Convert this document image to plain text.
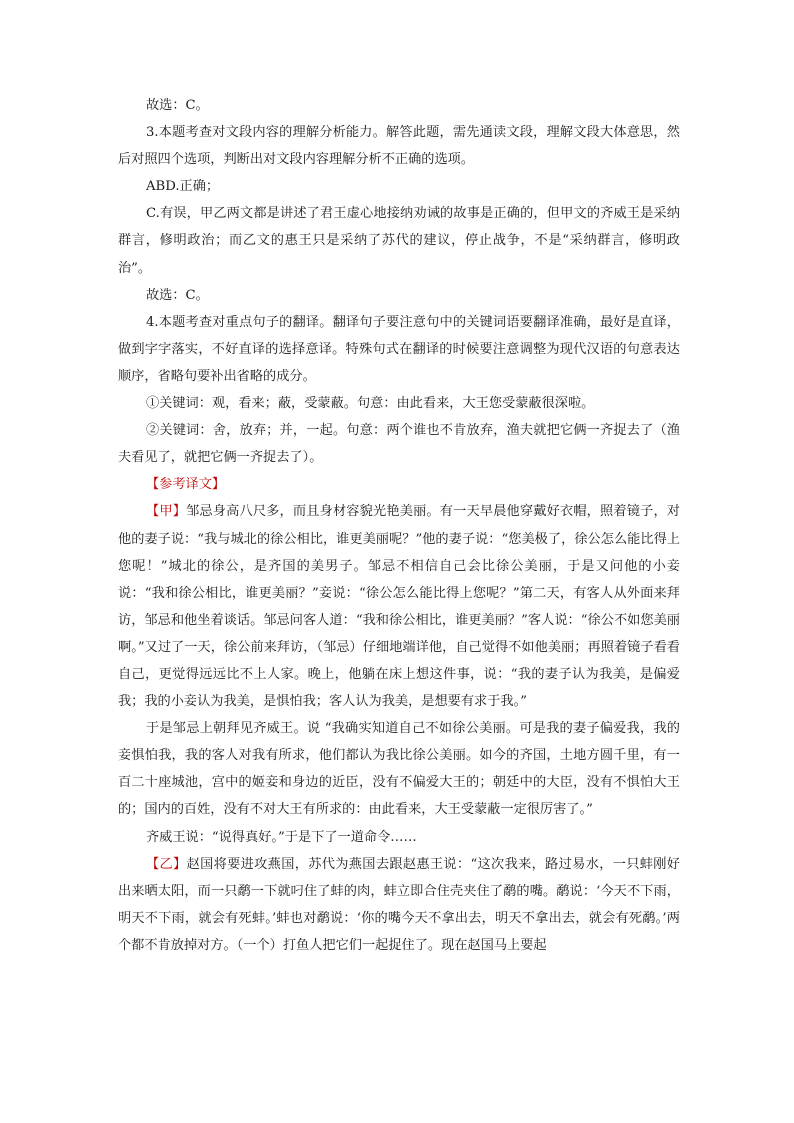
故选：C。

3.本题考查对文段内容的理解分析能力。解答此题，需先通读文段，理解文段大体意思，然后对照四个选项，判断出对文段内容理解分析不正确的选项。

ABD.正确；

C.有误，甲乙两文都是讲述了君王虚心地接纳劝诫的故事是正确的，但甲文的齐威王是采纳群言，修明政治；而乙文的惠王只是采纳了苏代的建议，停止战争，不是“采纳群言，修明政治”。

故选：C。

4.本题考查对重点句子的翻译。翻译句子要注意句中的关键词语要翻译准确，最好是直译，做到字字落实，不好直译的选择意译。特殊句式在翻译的时候要注意调整为现代汉语的句意表达顺序，省略句要补出省略的成分。

①关键词：观，看来；蔽，受蒙蔽。句意：由此看来，大王您受蒙蔽很深啦。

②关键词：舍，放弃；并，一起。句意：两个谁也不肯放弃，渔夫就把它俩一齐捉去了（渔夫看见了，就把它俩一齐捉去了）。

【参考译文】

【甲】邹忌身高八尺多，而且身材容貌光艳美丽。有一天早晨他穿戴好衣帽，照着镜子，对他的妻子说：“我与城北的徐公相比，谁更美丽呢？”他的妻子说：“您美极了，徐公怎么能比得上您呢！”城北的徐公，是齐国的美男子。邹忌不相信自己会比徐公美丽，于是又问他的小妾说：“我和徐公相比，谁更美丽？”妾说：“徐公怎么能比得上您呢？”第二天，有客人从外面来拜访，邹忌和他坐着谈话。邹忌问客人道：“我和徐公相比，谁更美丽？”客人说：“徐公不如您美丽啊。”又过了一天，徐公前来拜访，（邹忌）仔细地端详他，自己觉得不如他美丽；再照着镜子看看自己，更觉得远远比不上人家。晚上，他躺在床上想这件事，说：“我的妻子认为我美，是偏爱我；我的小妾认为我美，是惧怕我；客人认为我美，是想要有求于我。”

于是邹忌上朝拜见齐威王。说 “我确实知道自己不如徐公美丽。可是我的妻子偏爱我，我的妾惧怕我，我的客人对我有所求，他们都认为我比徐公美丽。如今的齐国，土地方圆千里，有一百二十座城池，宫中的姬妾和身边的近臣，没有不偏爱大王的；朝廷中的大臣，没有不惧怕大王的；国内的百姓，没有不对大王有所求的：由此看来，大王受蒙蔽一定很厉害了。”

齐威王说：“说得真好。”于是下了一道命令……

【乙】赵国将要进攻燕国，苏代为燕国去跟赵惠王说：“这次我来，路过易水，一只蚌刚好出来晒太阳，而一只鹬一下就叼住了蚌的肉，蚌立即合住壳夹住了鹬的嘴。鹬说：‘今天不下雨，明天不下雨，就会有死蚌。’蚌也对鹬说：‘你的嘴今天不拿出去，明天不拿出去，就会有死鹬。’两个都不肯放掉对方。（一个）打鱼人把它们一起捉住了。现在赵国马上要起
